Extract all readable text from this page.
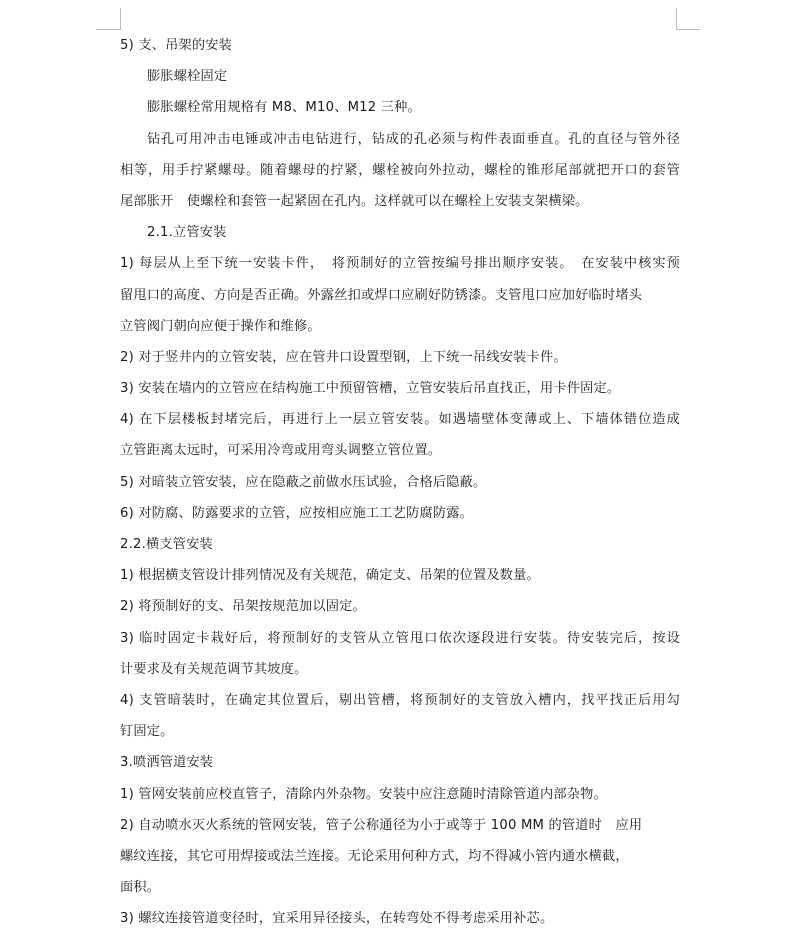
5) 支、吊架的安装
膨胀螺栓固定
膨胀螺栓常用规格有 M8、M10、M12 三种。
钻孔可用冲击电锤或冲击电钻进行，钻成的孔必须与构件表面垂直。孔的直径与管外径
相等，用手拧紧螺母。随着螺母的拧紧，螺栓被向外拉动，螺栓的锥形尾部就把开口的套管
尾部胀开　使螺栓和套管一起紧固在孔内。这样就可以在螺栓上安装支架横梁。
2.1.立管安装
1) 每层从上至下统一安装卡件，　将预制好的立管按编号排出顺序安装。　在安装中核实预
留甩口的高度、方向是否正确。外露丝扣或焊口应刷好防锈漆。支管甩口应加好临时堵头
立管阀门朝向应便于操作和维修。
2) 对于竖井内的立管安装，应在管井口设置型钢，上下统一吊线安装卡件。
3) 安装在墙内的立管应在结构施工中预留管槽，立管安装后吊直找正，用卡件固定。
4) 在下层楼板封堵完后，再进行上一层立管安装。如遇墙壁体变薄或上、下墙体错位造成
立管距离太远时，可采用冷弯或用弯头调整立管位置。
5) 对暗装立管安装，应在隐蔽之前做水压试验，合格后隐蔽。
6) 对防腐、防露要求的立管，应按相应施工工艺防腐防露。
2.2.横支管安装
1) 根据横支管设计排列情况及有关规范，确定支、吊架的位置及数量。
2) 将预制好的支、吊架按规范加以固定。
3) 临时固定卡栽好后，将预制好的支管从立管甩口依次逐段进行安装。待安装完后，按设
计要求及有关规范调节其坡度。
4) 支管暗装时，在确定其位置后，剔出管槽，将预制好的支管放入槽内，找平找正后用勾
钉固定。
3.喷洒管道安装
1) 管网安装前应校直管子，清除内外杂物。安装中应注意随时清除管道内部杂物。
2) 自动喷水灭火系统的管网安装，管子公称通径为小于或等于 100 MM 的管道时　应用
螺纹连接，其它可用焊接或法兰连接。无论采用何种方式，均不得减小管内通水横截，
面积。
3) 螺纹连接管道变径时，宜采用异径接头，在转弯处不得考虑采用补芯。
